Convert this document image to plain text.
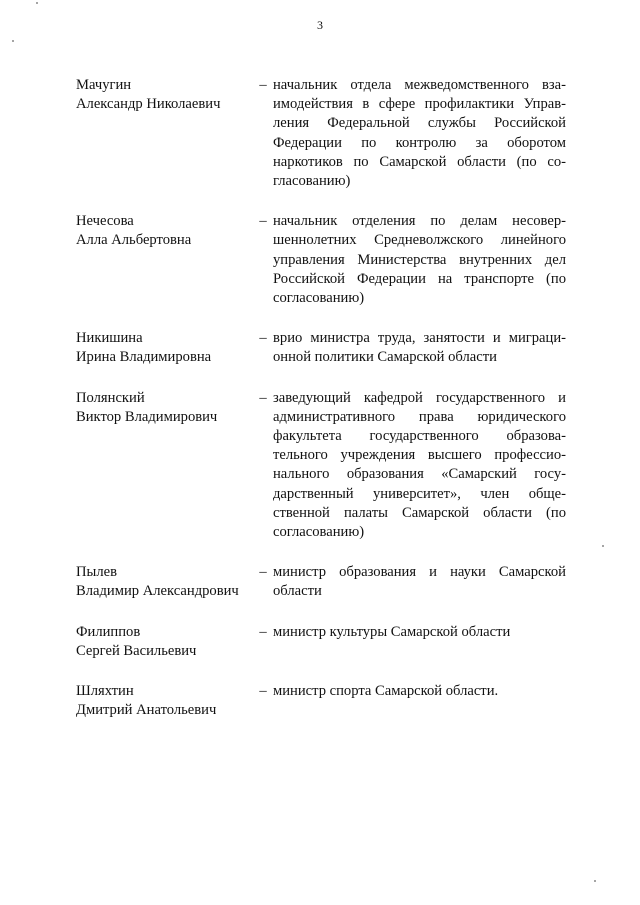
3
Мачугин
Александр Николаевич
– начальник отдела межведомственного вза-
имодействия в сфере профилактики Управ-
ления Федеральной службы Российской
Федерации по контролю за оборотом
наркотиков по Самарской области (по со-
гласованию)
Нечесова
Алла Альбертовна
– начальник отделения по делам несовер-
шеннолетних Средневолжского линейного
управления Министерства внутренних дел
Российской Федерации на транспорте (по
согласованию)
Никишина
Ирина Владимировна
– врио министра труда, занятости и миграци-
онной политики Самарской области
Полянский
Виктор Владимирович
– заведующий кафедрой государственного и
административного права юридического
факультета государственного образова-
тельного учреждения высшего профессио-
нального образования «Самарский госу-
дарственный университет», член обще-
ственной палаты Самарской области (по
согласованию)
Пылев
Владимир Александрович
– министр образования и науки Самарской
области
Филиппов
Сергей Васильевич
– министр культуры Самарской области
Шляхтин
Дмитрий Анатольевич
– министр спорта Самарской области.
